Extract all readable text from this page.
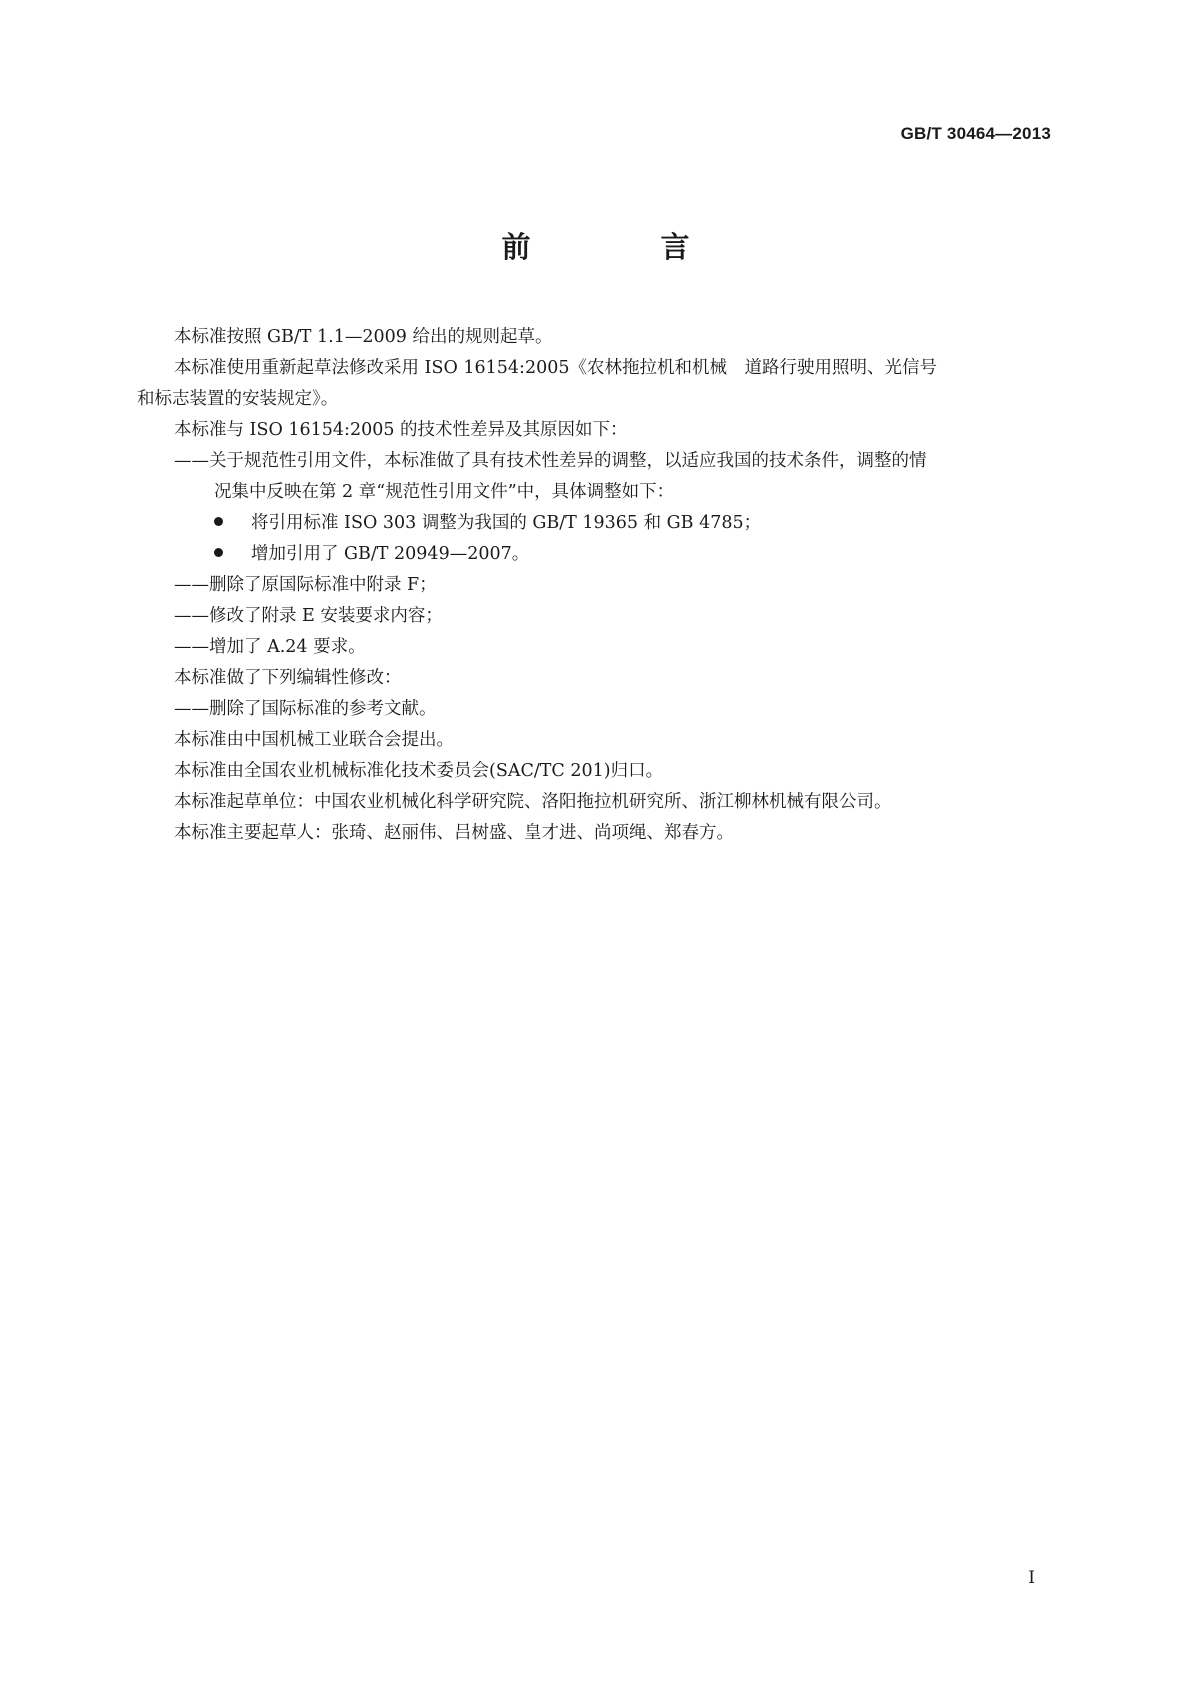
GB/T 30464—2013
前 言
本标准按照 GB/T 1.1—2009 给出的规则起草。
本标准使用重新起草法修改采用 ISO 16154:2005《农林拖拉机和机械　道路行驶用照明、光信号
和标志装置的安装规定》。
本标准与 ISO 16154:2005 的技术性差异及其原因如下：
——关于规范性引用文件，本标准做了具有技术性差异的调整，以适应我国的技术条件，调整的情
况集中反映在第 2 章“规范性引用文件”中，具体调整如下：
将引用标准 ISO 303 调整为我国的 GB/T 19365 和 GB 4785；
增加引用了 GB/T 20949—2007。
——删除了原国际标准中附录 F；
——修改了附录 E 安装要求内容；
——增加了 A.24 要求。
本标准做了下列编辑性修改：
——删除了国际标准的参考文献。
本标准由中国机械工业联合会提出。
本标准由全国农业机械标准化技术委员会(SAC/TC 201)归口。
本标准起草单位：中国农业机械化科学研究院、洛阳拖拉机研究所、浙江柳林机械有限公司。
本标准主要起草人：张琦、赵丽伟、吕树盛、皇才进、尚项绳、郑春方。
I
